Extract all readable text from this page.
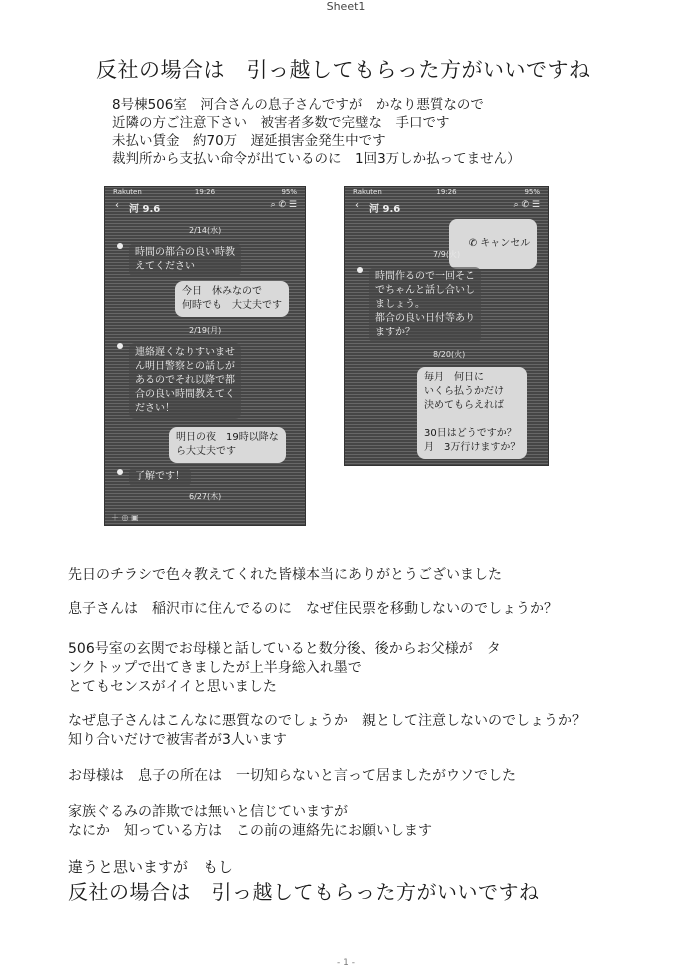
Sheet1
反社の場合は　引っ越してもらった方がいいですね
8号棟506室　河合さんの息子さんですが　かなり悪質なので
近隣の方ご注意下さい　被害者多数で完璧な　手口です
未払い賃金　約70万　遅延損害金発生中です
裁判所から支払い命令が出ているのに　1回3万しか払ってません）
Rakuten	19:26	95%
‹ 河 9.6	⌕ ✆ ☰
2/14(水)
時間の都合の良い時教
えてください
今日　休みなので
何時でも　大丈夫です
2/19(月)
連絡遅くなりすいませ
ん明日警察との話しが
あるのでそれ以降で都
合の良い時間教えてく
ださい！
明日の夜　19時以降な
ら大丈夫です
了解です！
6/27(木)
＋ ◎ ▣
Rakuten	19:26	95%
‹ 河 9.6	⌕ ✆ ☰

✆ キャンセル

7/9(火)
時間作るので一回そこ
でちゃんと話し合いし
ましょう。
都合の良い日付等あり
ますか？
8/20(火)
毎月　何日に
いくら払うかだけ
決めてもらえれば

30日はどうですか？
月　3万行けますか？
先日のチラシで色々教えてくれた皆様本当にありがとうございました
息子さんは　稲沢市に住んでるのに　なぜ住民票を移動しないのでしょうか？
506号室の玄関でお母様と話していると数分後、後からお父様が　タ
ンクトップで出てきましたが上半身総入れ墨で
とてもセンスがイイと思いました
なぜ息子さんはこんなに悪質なのでしょうか　親として注意しないのでしょうか？
知り合いだけで被害者が3人います
お母様は　息子の所在は　一切知らないと言って居ましたがウソでした
家族ぐるみの詐欺では無いと信じていますが
なにか　知っている方は　この前の連絡先にお願いします
違うと思いますが　もし
反社の場合は　引っ越してもらった方がいいですね
- 1 -
